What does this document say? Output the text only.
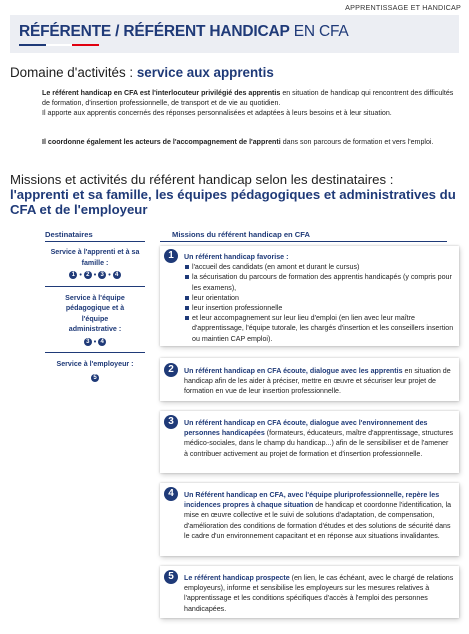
APPRENTISSAGE ET HANDICAP
RÉFÉRENTE / RÉFÉRENT HANDICAP EN CFA
Domaine d'activités : service aux apprentis
Le référent handicap en CFA est l'interlocuteur privilégié des apprentis en situation de handicap qui rencontrent des difficultés de formation, d'insertion professionnelle, de transport et de vie au quotidien.
Il apporte aux apprentis concernés des réponses personnalisées et adaptées à leurs besoins et à leur situation.
Il coordonne également les acteurs de l'accompagnement de l'apprenti dans son parcours de formation et vers l'emploi.
Missions et activités du référent handicap selon les destinataires :
l'apprenti et sa famille, les équipes pédagogiques et administratives du CFA et de l'employeur
Destinataires	Missions du référent handicap en CFA
Service à l'apprenti et à sa famille :
1 • 2 • 3 • 4
Service à l'équipe pédagogique et à l'équipe administrative :
3 • 4
Service à l'employeur :
5
1	Un référent handicap favorise :
l'accueil des candidats (en amont et durant le cursus)
la sécurisation du parcours de formation des apprentis handicapés (y compris pour les examens),
leur orientation
leur insertion professionnelle
et leur accompagnement sur leur lieu d'emploi (en lien avec leur maître d'apprentissage, l'équipe tutorale, les chargés d'insertion et les conseillers insertion ou maintien CAP emploi).
2	Un référent handicap en CFA écoute, dialogue avec les apprentis en situation de handicap afin de les aider à préciser, mettre en œuvre et sécuriser leur projet de formation en vue de leur insertion professionnelle.
3	Un référent handicap en CFA écoute, dialogue avec l'environnement des personnes handicapées (formateurs, éducateurs, maître d'apprentissage, structures médico-sociales, dans le champ du handicap...) afin de le sensibiliser et de l'amener à contribuer activement au projet de formation et d'insertion professionnelle.
4	Un Référent handicap en CFA, avec l'équipe pluriprofessionnelle, repère les incidences propres à chaque situation de handicap et coordonne l'identification, la mise en œuvre collective et le suivi de solutions d'adaptation, de compensation, d'amélioration des conditions de formation d'études et des solutions de sécurité dans le cadre d'un environnement capacitant et en réponse aux situations invalidantes.
5	Le référent handicap prospecte (en lien, le cas échéant, avec le chargé de relations employeurs), informe et sensibilise les employeurs sur les mesures relatives à l'apprentissage et les conditions spécifiques d'accès à l'emploi des personnes handicapées.
